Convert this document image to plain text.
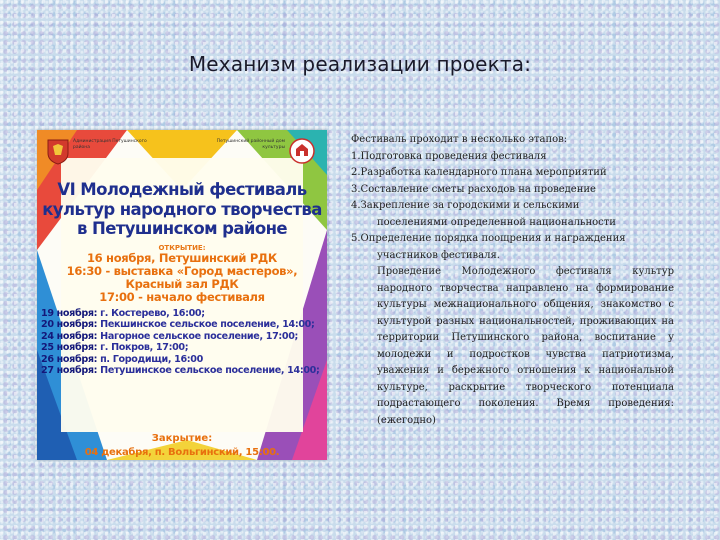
Механизм реализации проекта:
Администрация Петушинского района
Петушинский районный дом культуры
VI Молодежный фестиваль
культур народного творчества
в Петушинском районе
ОТКРЫТИЕ:
16 ноября, Петушинский РДК
16:30 - выставка «Город мастеров»,
Красный зал РДК
17:00 - начало фестиваля
19 ноября: г. Костерево, 16:00;
20 ноября: Пекшинское сельское поселение, 14:00;
24 ноября: Нагорное сельское поселение, 17:00;
25 ноября: г. Покров, 17:00;
26 ноября: п. Городищи, 16:00
27 ноября: Петушинское сельское поселение, 14:00;
Закрытие:
04 декабря, п. Вольгинский, 15:00.
Фестиваль проходит в несколько этапов:
1.Подготовка проведения фестиваля
2.Разработка календарного плана мероприятий
3.Составление сметы расходов на проведение
4.Закрепление за городскими и сельскими
поселениями определенной национальности
5.Определение порядка поощрения и награждения
участников фестиваля.
Проведение Молодежного фестиваля культур народного творчества направлено на формирование культуры межнационального общения, знакомство с культурой разных национальностей, проживающих на территории Петушинского района, воспитание у молодежи и подростков чувства патриотизма, уважения и бережного отношения к национальной культуре, раскрытие творческого потенциала подрастающего поколения. Время проведения: (ежегодно)
